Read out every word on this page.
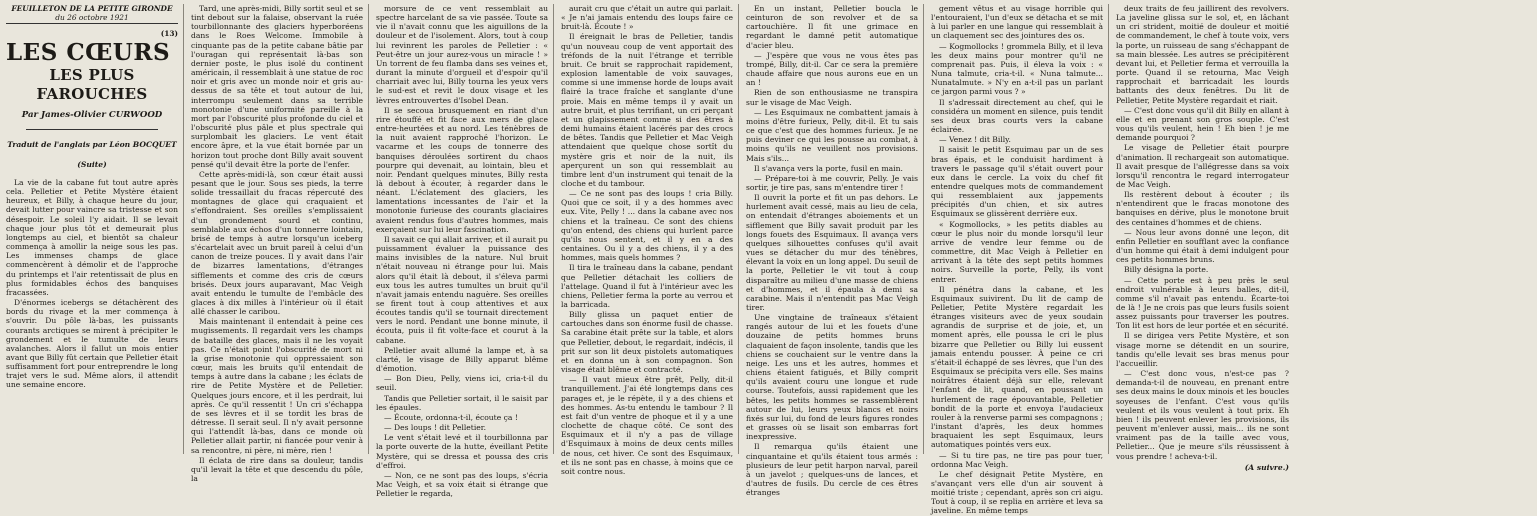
FEUILLETON DE LA PETITE GIRONDE
du 26 octobre 1921
(13)
LES CŒURS
LES PLUS FAROUCHES
Par James-Olivier CURWOOD
Traduit de l'anglais par Léon BOCQUET
(Suite)

La vie de la cabane fut tout autre après cela. Pelletier et Petite Mystère étaient heureux, et Billy, à chaque heure du jour, devait lutter pour vaincre sa tristesse et son désespoir. Le soleil l'y aidait. Il se levait chaque jour plus tôt et demeurait plus longtemps au ciel, et bientôt sa chaleur commença à amollir la neige sous les pas. Les immenses champs de glace commencèrent à démolir et de l'approche du printemps et l'air retentissait de plus en plus formidables échos des banquises fracassées.

D'énormes icebergs se détachèrent des bords du rivage et la mer commença à s'ouvrir. Du pôle là-bas, les puissants courants arctiques se mirent à précipiter le grondement et le tumulte de leurs avalanches. Alors il fallut un mois entier avant que Billy fût certain que Pelletier était suffisamment fort pour entreprendre le long trajet vers le sud. Même alors, il attendit une semaine encore.

Tard, une après-midi, Billy sortit seul et se tint debout sur la falaise, observant la ruée tourbillonnante des glaciers hyperboréens dans le Roes Welcome. Immobile à cinquante pas de la petite cabane bâtie par l'ouragan qui représentait là-bas son dernier poste, le plus isolé du continent américain, il ressemblait à une statue de roc noir et gris avec un monde noir et gris au-dessus de sa tête et tout autour de lui, interrompu seulement dans sa terrible monotonie d'une uniformité pareille à la mort par l'obscurité plus profonde du ciel et l'obscurité plus pâle et plus spectrale qui surplombait les glaciers. Le vent était encore âpre, et la vue était bornée par un horizon tout proche dont Billy avait souvent pensé qu'il devait être la porte de l'enfer.

Cette après-midi-là, son cœur était aussi pesant que le jour. Sous ses pieds, la terre solide tressaillait du fracas répercuté des montagnes de glace qui craquaient et s'effondraient. Ses oreilles s'emplissaient d'un grondement sourd et continu, semblable aux échos d'un tonnerre lointain, brisé de temps à autre lorsqu'un iceberg s'écartelait avec un bruit pareil à celui d'un canon de treize pouces. Il y avait dans l'air de bizarres lamentations, d'étranges sifflements et comme des cris de cœurs brisés. Deux jours auparavant, Mac Veigh avait entendu le tumulte de l'embâcle des glaces à dix milles à l'intérieur où il était allé chasser le caribou.

Mais maintenant il entendait à peine ces mugissements. Il regardait vers les champs de bataille des glaces, mais il ne les voyait pas. Ce n'était point l'obscurité de mort ni la grise monotonie qui oppressaient son cœur, mais les bruits qu'il entendait de temps à autre dans la cabane ; les éclats de rire de Petite Mystère et de Pelletier. Quelques jours encore, et il les perdrait, lui après. Ce qu'il ressentit ! Un cri s'échappa de ses lèvres et il se tordit les bras de détresse. Il serait seul. Il n'y avait personne qui l'attendît là-bas, dans ce monde où Pelletier allait partir, ni fiancée pour venir à sa rencontre, ni père, ni mère, rien !

Il éclata de rire dans sa douleur, tandis qu'il levait la tête et que descendu du pôle, la

morsure de ce vent ressemblait au spectre harcelant de sa vie passée. Toute sa vie il n'avait connu que les aiguillons de la douleur et de l'isolement. Alors, tout à coup lui revinrent les paroles de Pelletier : « Peut-être un jour aurez-vous un miracle ! » Un torrent de feu flamba dans ses veines et, durant la minute d'orgueil et d'espoir qu'il charriait avec lui, Billy tourna les yeux vers le sud-est et revit le doux visage et les lèvres entrouvertes d'Isobel Dean.

Il se secoua brusquement en riant d'un rire étouffé et fit face aux mers de glace entre-heurtées et au nord. Les ténèbres de la nuit avaient rapproché l'horizon. Le vacarme et les coups de tonnerre des banquises déroulées sortirent du chaos pourpre qui devenait, au lointain, bleu et noir. Pendant quelques minutes, Billy resta là debout à écouter, à regarder dans le néant. L'éclatement des glaciers, les lamentations incessantes de l'air et la monotonie furieuse des courants glaciaires avaient rendus fous d'autres hommes, mais exerçaient sur lui leur fascination.

Il savait ce qui allait arriver, et il aurait pu puissamment évaluer la puissance des mains invisibles de la nature. Nul bruit n'était nouveau ni étrange pour lui. Mais alors qu'il était là debout, il s'éleva parmi eux tous les autres tumultes un bruit qu'il n'avait jamais entendu naguère. Ses oreilles se firent tout à coup attentives et aux écoutes tandis qu'il se tournait directement vers le nord. Pendant une bonne minute, il écouta, puis il fit volte-face et courut à la cabane.

Pelletier avait allumé la lampe et, à sa clarté, le visage de Billy apparut blême d'émotion.

— Bon Dieu, Pelly, viens ici, cria-t-il du seuil.

Tandis que Pelletier sortait, il le saisit par les épaules.

— Écoute, ordonna-t-il, écoute ça !

— Des loups ! dit Pelletier.

Le vent s'était levé et il tourbillonna par la porte ouverte de la hutte, éveillant Petite Mystère, qui se dressa et poussa des cris d'effroi.

— Non, ce ne sont pas des loups, s'écria Mac Veigh, et sa voix était si étrange que Pelletier le regarda,

aurait cru que c'était un autre qui parlait. « Je n'ai jamais entendu des loups faire ce bruit-là. Écoute ! »

Il éreignait le bras de Pelletier, tandis qu'un nouveau coup de vent apportait des tréfonds de la nuit l'étrange et terrible bruit. Ce bruit se rapprochait rapidement, explosion lamentable de voix sauvages, comme si une immense horde de loups avait flairé la trace fraîche et sanglante d'une proie. Mais en même temps il y avait un autre bruit, et plus terrifiant, un cri perçant et un glapissement comme si des êtres à demi humains étaient lacérés par des crocs de bêtes. Tandis que Pelletier et Mac Veigh attendaient que quelque chose sortît du mystère gris et noir de la nuit, ils aperçurent un son qui ressemblait au timbre lent d'un instrument qui tenait de la cloche et du tambour.

— Ce ne sont pas des loups ! cria Billy. Quoi que ce soit, il y a des hommes avec eux. Vite, Pelly ! ... dans la cabane avec nos chiens et la traîneau. Ce sont des chiens qu'on entend, des chiens qui hurlent parce qu'ils nous sentent, et il y en a des centaines. Ou il y a des chiens, il y a des hommes, mais quels hommes ?

Il tira le traîneau dans la cabane, pendant que Pelletier détachait les colliers de l'attelage. Quand il fut à l'intérieur avec les chiens, Pelletier ferma la porte au verrou et la barricada.

Billy glissa un paquet entier de cartouches dans son énorme fusil de chasse. Sa carabine était prête sur la table, et alors que Pelletier, debout, le regardait, indécis, il prit sur son lit deux pistolets automatiques et en donna un à son compagnon. Son visage était blême et contracté.

— Il vaut mieux être prêt, Pelly, dit-il tranquillement. J'ai été longtemps dans ces parages et, je le répète, il y a des chiens et des hommes. As-tu entendu le tambour ? Il est fait d'un ventre de phoque et il y a une clochette de chaque côté. Ce sont des Esquimaux et il n'y a pas de village d'Esquimaux à moins de deux cents milles de nous, cet hiver. Ce sont des Esquimaux, et ils ne sont pas en chasse, à moins que ce soit contre nous.

En un instant, Pelletier boucla le ceinturon de son revolver et de sa cartouchière. Il fit une grimace en regardant le damné petit automatique d'acier bleu.

— J'espère que vous ne vous êtes pas trompé, Billy, dit-il. Car ce sera la première chaude affaire que nous aurons eue en un an !

Rien de son enthousiasme ne transpira sur le visage de Mac Veigh.

— Les Esquimaux ne combattent jamais à moins d'être furieux, Pelly, dit-il. Et tu sais ce que c'est que des hommes furieux. Je ne puis deviner ce qui les pousse au combat, à moins qu'ils ne veuillent nos provisions. Mais s'ils...

Il s'avança vers la porte, fusil en main.

— Prépare-toi à me couvrir, Pelly. Je vais sortir, je tire pas, sans m'entendre tirer !

Il ouvrit la porte et fit un pas dehors. Le hurlement avait cessé, mais au lieu de cela, on entendait d'étranges aboiements et un sifflement que Billy savait produit par les longs fouets des Esquimaux. Il avança vers quelques silhouettes confuses qu'il avait vues se détacher du mur des ténèbres, élevant la voix en un long appel. Du seuil de la porte, Pelletier le vit tout à coup disparaître au milieu d'une masse de chiens et d'hommes, et il épaula à demi sa carabine. Mais il n'entendit pas Mac Veigh tirer.

Une vingtaine de traîneaux s'étaient rangés autour de lui et les fouets d'une douzaine de petits hommes bruns claquaient de façon insolente, tandis que les chiens se couchaient sur le ventre dans la neige. Les uns et les autres, hommes et chiens étaient fatigués, et Billy comprit qu'ils avaient couru une longue et rude course. Toutefois, aussi rapidement que les bêtes, les petits hommes se rassemblèrent autour de lui, leurs yeux blancs et noirs fixés sur lui, du fond de leurs figures rondes et grasses où se lisait son embarras fort inexpressive.

Il remarqua qu'ils étaient une cinquantaine et qu'ils étaient tous armés : plusieurs de leur petit harpon narval, pareil à un javelot ; quelques-uns de lances, et d'autres de fusils. Du cercle de ces êtres étranges

gement vêtus et au visage horrible qui l'entouraient, l'un d'eux se détacha et se mit à lui parler en une langue qui ressemblait à un claquement sec des jointures des os.

— Kogmollocks ! grommela Billy, et il leva les deux mains pour montrer qu'il ne comprenait pas. Puis, il éleva la voix : « Nuna talmute, cria-t-il. « Nuna talmute... Nunatalmute. » N'y en a-t-il pas un parlant ce jargon parmi vous ? »

Il s'adressait directement au chef, qui le considéra un moment en silence, puis tendit ses deux bras courts vers la cabane éclairée.

— Venez ! dit Billy.

Il saisit le petit Esquimau par un de ses bras épais, et le conduisit hardiment à travers le passage qu'il s'était ouvert pour eux dans le cercle. La voix du chef fit entendre quelques mots de commandement qui ressemblaient aux jappements précipités d'un chien, et six autres Esquimaux se glissèrent derrière eux.

« Kogmollocks, » les petits diables au cœur le plus noir du monde lorsqu'il leur arrive de vendre leur femme ou de commettre, dit Mac Veigh à Pelletier en arrivant à la tête des sept petits hommes noirs. Surveille la porte, Pelly, ils vont entrer.

Il pénétra dans la cabane, et les Esquimaux suivirent. Du lit de camp de Pelletier, Petite Mystère regardait les étranges visiteurs avec de yeux soudain agrandis de surprise et de joie, et, un moment après, elle poussa le cri le plus bizarre que Pelletier ou Billy lui eussent jamais entendu pousser. À peine ce cri s'était-il échappé de ses lèvres, que l'un des Esquimaux se précipita vers elle. Ses mains noirâtres étaient déjà sur elle, relevant l'enfant de lit, quand, en poussant un hurlement de rage épouvantable, Pelletier bondit de la porte et envoya l'audacieux rouler à la renverse parmi ses compagnons ; l'instant d'après, les deux hommes braquaient les sept Esquimaux, leurs automatiques pointés vers eux.

— Si tu tire pas, ne tire pas pour tuer, ordonna Mac Veigh.

Le chef désignait Petite Mystère, en s'avançant vers elle d'un air souvent à moitié triste ; cependant, après son cri aigu. Tout à coup, il se replia en arrière et leva sa javeline. En même temps

deux traits de feu jaillirent des revolvers. La javeline glissa sur le sol, et, en lâchant un cri strident, moitié de douleur et moitié de commandement, le chef à toute voix, vers la porte, un ruisseau de sang s'échappant de sa main blessée. Les autres se précipitèrent devant lui, et Pelletier ferma et verrouilla la porte. Quand il se retourna, Mac Veigh rapprochait et barricadait les lourds battants des deux fenêtres. Du lit de Pelletier, Petite Mystère regardait et riait.

— C'est donc vous qu'il dit Billy en allant à elle et en prenant son gros souple. C'est vous qu'ils veulent, hein ! Eh bien ! je me demande pourquoi ?

Le visage de Pelletier était pourpre d'animation. Il rechargeait son automatique. Il avait presque de l'allégresse dans sa voix lorsqu'il rencontra le regard interrogateur de Mac Veigh.

Ils restèrent debout à écouter ; ils n'entendirent que le fracas monotone des banquises en dérive, plus le monotone bruit des centaines d'hommes et de chiens.

— Nous leur avons donné une leçon, dit enfin Pelletier en soufflant avec la confiance d'un homme qui était à demi indulgent pour ces petits hommes bruns.

Billy désigna la porte.

— Cette porte est à peu près le seul endroit vulnérable à leurs balles, dit-il, comme s'il n'avait pas entendu. Écarte-toi de là ! Je ne crois pas que leurs fusils soient assez puissants pour traverser les poutres. Ton lit est hors de leur portée et en sécurité.

Il se dirigea vers Petite Mystère, et son visage morne se détendit en un sourire, tandis qu'elle levait ses bras menus pour l'accueillir.

— C'est donc vous, n'est-ce pas ? demanda-t-il de nouveau, en prenant entre ses deux mains le doux minois et les boucles soyeuses de l'enfant. C'est vous qu'ils veulent et ils vous veulent à tout prix. Eh bien ! ils peuvent enlever les provisions, ils peuvent m'enlever aussi, mais... ils ne sont vraiment pas de la taille avec vous, Pelletier... Que je meure s'ils réussissent à vous prendre ! acheva-t-il.

(A suivre.)
